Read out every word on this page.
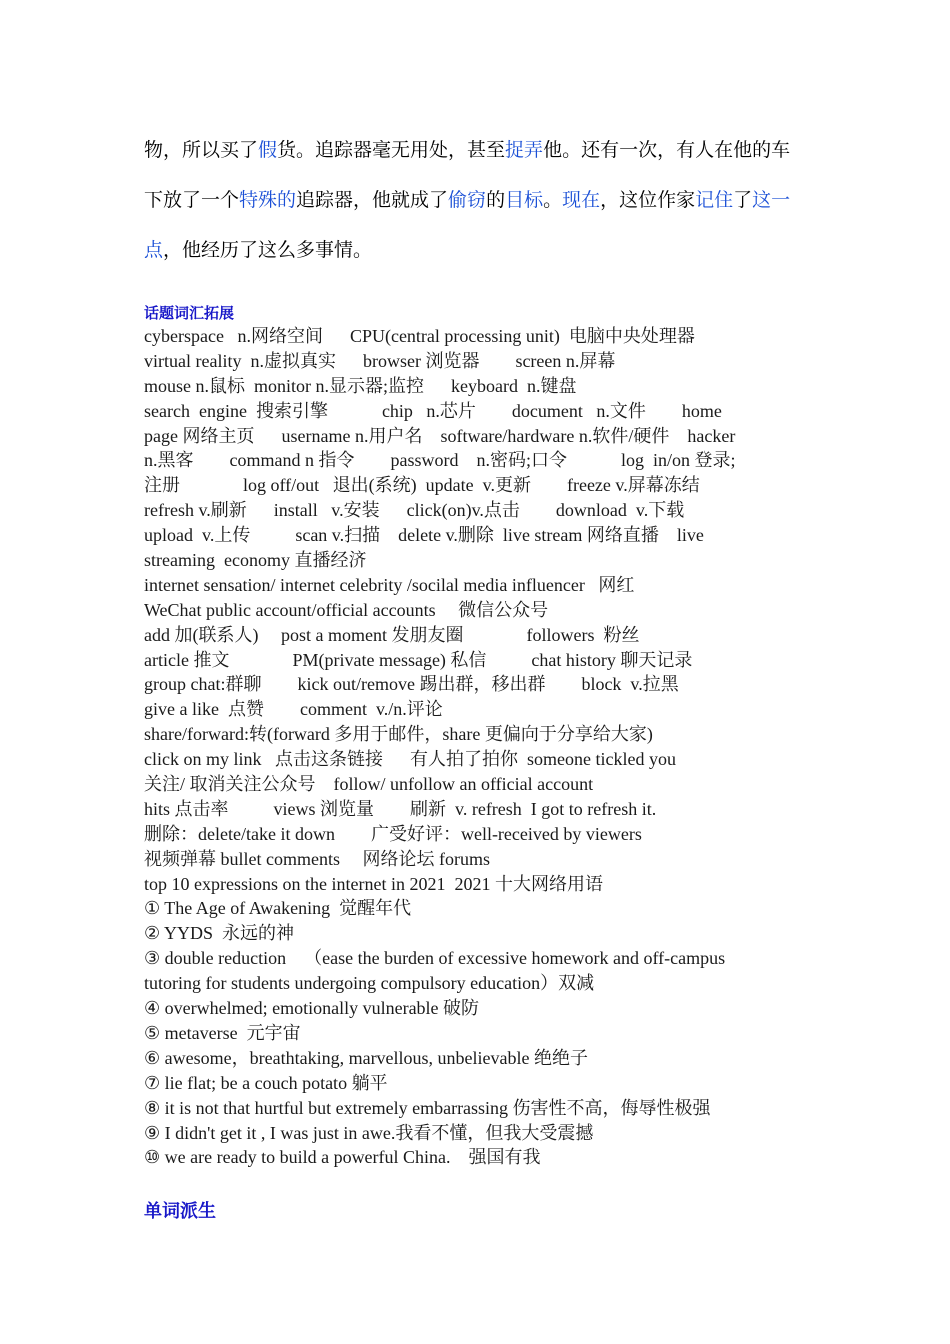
物，所以买了假货。追踪器毫无用处，甚至捉弄他。还有一次，有人在他的车
下放了一个特殊的追踪器，他就成了偷窃的目标。现在，这位作家记住了这一
点，他经历了这么多事情。
话题词汇拓展
cyberspace   n.网络空间      CPU(central processing unit)  电脑中央处理器
virtual reality  n.虚拟真实      browser 浏览器        screen n.屏幕
mouse n.鼠标  monitor n.显示器;监控      keyboard  n.键盘
search  engine  搜索引擎            chip   n.芯片        document   n.文件        home
page 网络主页      username n.用户名    software/hardware n.软件/硬件    hacker
n.黑客        command n 指令        password    n.密码;口令            log  in/on 登录;
注册              log off/out   退出(系统)  update  v.更新        freeze v.屏幕冻结
refresh v.刷新      install   v.安装      click(on)v.点击        download  v.下载
upload  v.上传          scan v.扫描    delete v.删除  live stream 网络直播    live
streaming  economy 直播经济
internet sensation/ internet celebrity /socilal media influencer   网红
WeChat public account/official accounts     微信公众号
add 加(联系人)     post a moment 发朋友圈              followers  粉丝
article 推文              PM(private message) 私信          chat history 聊天记录
group chat:群聊        kick out/remove 踢出群，移出群        block  v.拉黑
give a like  点赞        comment  v./n.评论
share/forward:转(forward 多用于邮件，share 更偏向于分享给大家)
click on my link   点击这条链接      有人拍了拍你  someone tickled you
关注/ 取消关注公众号    follow/ unfollow an official account
hits 点击率          views 浏览量        刷新  v. refresh  I got to refresh it.
删除：delete/take it down        广受好评：well-received by viewers
视频弹幕 bullet comments     网络论坛 forums
top 10 expressions on the internet in 2021  2021 十大网络用语
① The Age of Awakening  觉醒年代
② YYDS  永远的神
③ double reduction    （ease the burden of excessive homework and off-campus
tutoring for students undergoing compulsory education）双减
④ overwhelmed; emotionally vulnerable 破防
⑤ metaverse  元宇宙
⑥ awesome，breathtaking, marvellous, unbelievable 绝绝子
⑦ lie flat; be a couch potato 躺平
⑧ it is not that hurtful but extremely embarrassing 伤害性不高，侮辱性极强
⑨ I didn't get it , I was just in awe.我看不懂，但我大受震撼
⑩ we are ready to build a powerful China.    强国有我
单词派生
